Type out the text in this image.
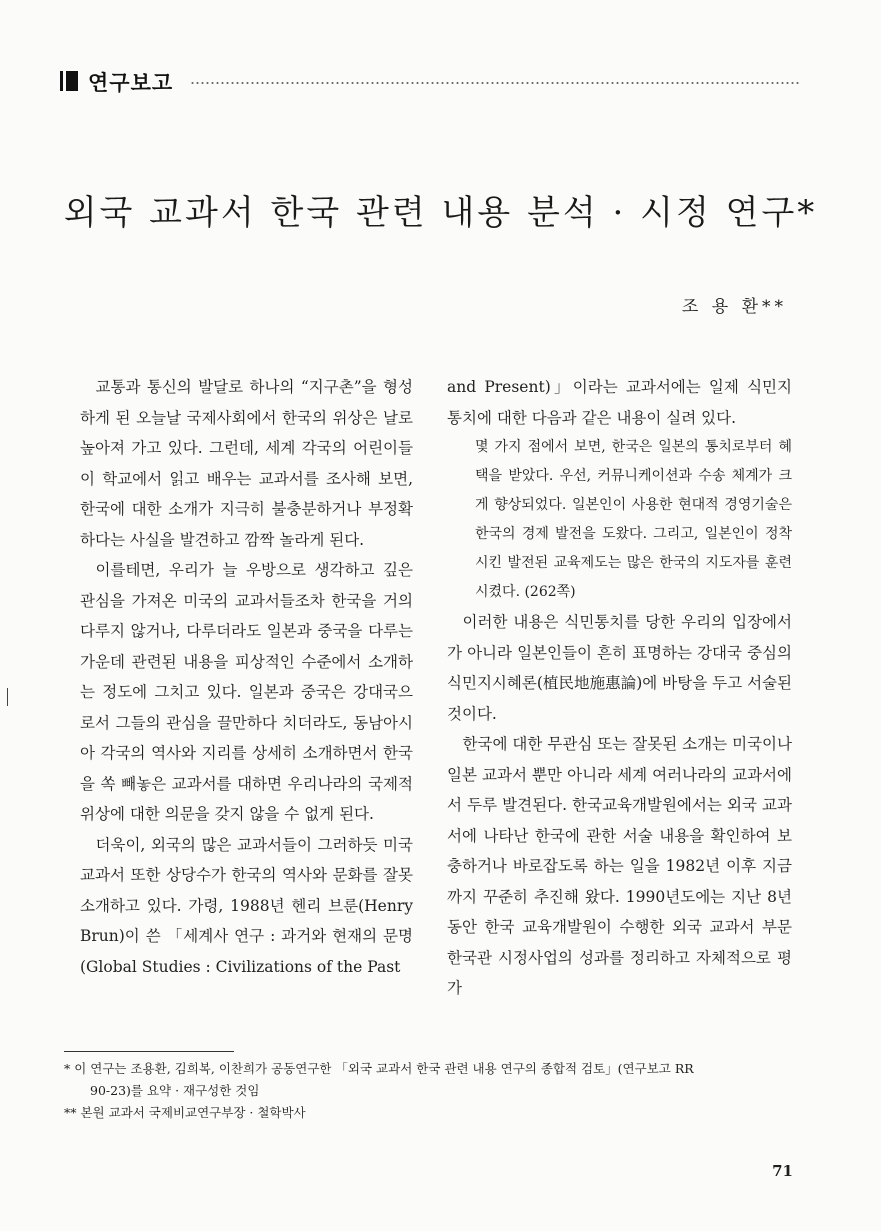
연구보고
외국 교과서 한국 관련 내용 분석 · 시정 연구*
조 용 환**

교통과 통신의 발달로 하나의 “지구촌”을 형성하게 된 오늘날 국제사회에서 한국의 위상은 날로 높아져 가고 있다. 그런데, 세계 각국의 어린이들이 학교에서 읽고 배우는 교과서를 조사해 보면, 한국에 대한 소개가 지극히 불충분하거나 부정확하다는 사실을 발견하고 깜짝 놀라게 된다.

이를테면, 우리가 늘 우방으로 생각하고 깊은 관심을 가져온 미국의 교과서들조차 한국을 거의 다루지 않거나, 다루더라도 일본과 중국을 다루는 가운데 관련된 내용을 피상적인 수준에서 소개하는 정도에 그치고 있다. 일본과 중국은 강대국으로서 그들의 관심을 끌만하다 치더라도, 동남아시아 각국의 역사와 지리를 상세히 소개하면서 한국을 쏙 빼놓은 교과서를 대하면 우리나라의 국제적 위상에 대한 의문을 갖지 않을 수 없게 된다.

더욱이, 외국의 많은 교과서들이 그러하듯 미국 교과서 또한 상당수가 한국의 역사와 문화를 잘못 소개하고 있다. 가령, 1988년 헨리 브룬(Henry Brun)이 쓴 「세계사 연구 : 과거와 현재의 문명(Global Studies : Civilizations of the Past

and Present)」이라는 교과서에는 일제 식민지 통치에 대한 다음과 같은 내용이 실려 있다.

몇 가지 점에서 보면, 한국은 일본의 통치로부터 혜택을 받았다. 우선, 커뮤니케이션과 수송 체계가 크게 향상되었다. 일본인이 사용한 현대적 경영기술은 한국의 경제 발전을 도왔다. 그리고, 일본인이 정착시킨 발전된 교육제도는 많은 한국의 지도자를 훈련시켰다. (262쪽)

이러한 내용은 식민통치를 당한 우리의 입장에서가 아니라 일본인들이 흔히 표명하는 강대국 중심의 식민지시혜론(植民地施惠論)에 바탕을 두고 서술된 것이다.

한국에 대한 무관심 또는 잘못된 소개는 미국이나 일본 교과서 뿐만 아니라 세계 여러나라의 교과서에서 두루 발견된다. 한국교육개발원에서는 외국 교과서에 나타난 한국에 관한 서술 내용을 확인하여 보충하거나 바로잡도록 하는 일을 1982년 이후 지금까지 꾸준히 추진해 왔다. 1990년도에는 지난 8년 동안 한국 교육개발원이 수행한 외국 교과서 부문 한국관 시정사업의 성과를 정리하고 자체적으로 평가

* 이 연구는 조용환, 김희복, 이찬희가 공동연구한 「외국 교과서 한국 관련 내용 연구의 종합적 검토」(연구보고 RR
90-23)를 요약 · 재구성한 것임
** 본원 교과서 국제비교연구부장 · 철학박사
71
